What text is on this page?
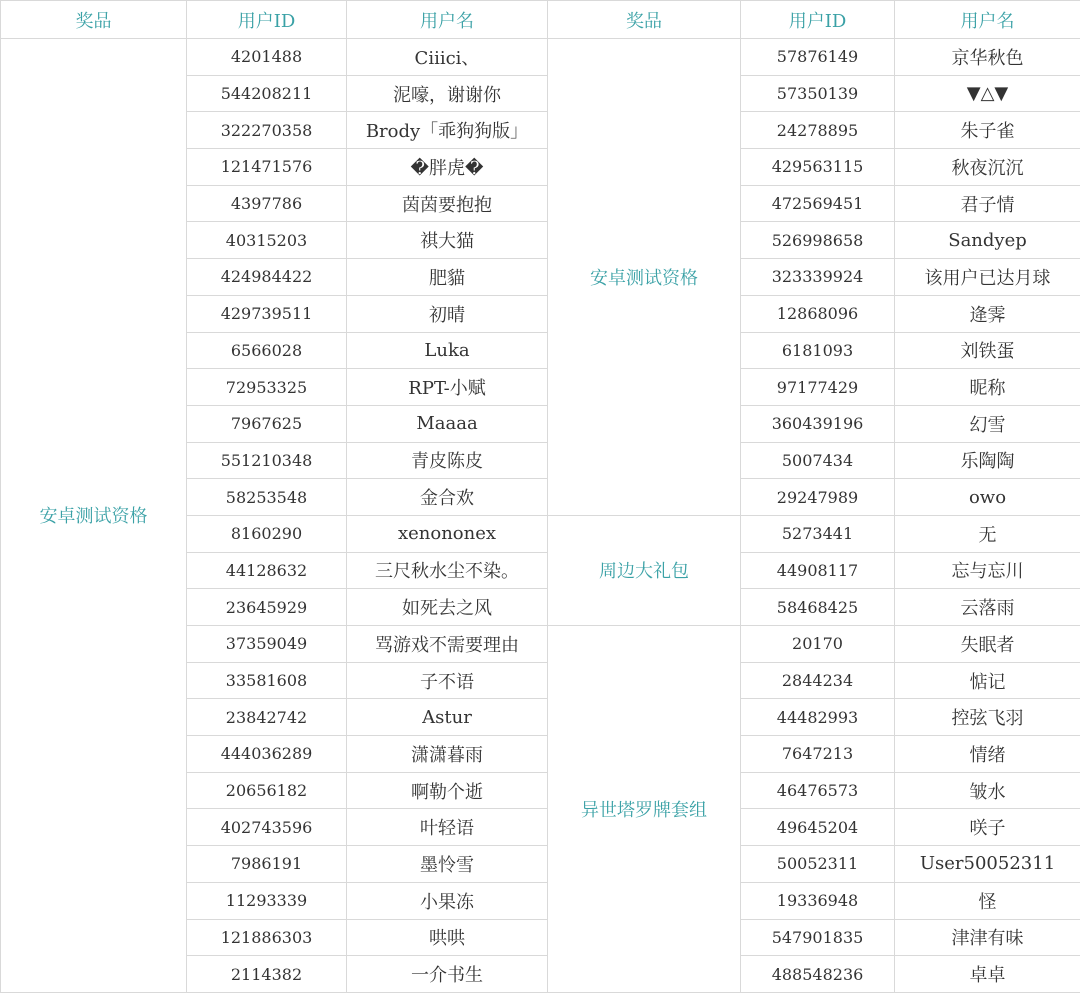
奖品	用户ID	用户名	奖品	用户ID	用户名
安卓测试资格	4201488	Ciiici、	安卓测试资格	57876149	京华秋色
	544208211	泥嚎，谢谢你		57350139	▼△▼
	322270358	Brody「乖狗狗版」		24278895	朱子雀
	121471576	�胖虎�		429563115	秋夜沉沉
	4397786	茵茵要抱抱		472569451	君子情
	40315203	祺大猫		526998658	Sandyep
	424984422	肥貓		323339924	该用户已达月球
	429739511	初晴		12868096	逄霁
	6566028	Luka		6181093	刘铁蛋
	72953325	RPT-小赋		97177429	昵称
	7967625	Maaaa		360439196	幻雪
	551210348	青皮陈皮		5007434	乐陶陶
	58253548	金合欢		29247989	owo
	8160290	xenononex	周边大礼包	5273441	无
	44128632	三尺秋水尘不染。		44908117	忘与忘川
	23645929	如死去之风		58468425	云落雨
	37359049	骂游戏不需要理由	异世塔罗牌套组	20170	失眠者
	33581608	子不语		2844234	惦记
	23842742	Astur		44482993	控弦飞羽
	444036289	潇潇暮雨		7647213	情绪
	20656182	啊勒个逝		46476573	皱水
	402743596	叶轻语		49645204	咲子
	7986191	墨怜雪		50052311	User50052311
	11293339	小果冻		19336948	怪
	121886303	哄哄		547901835	津津有味
	2114382	一介书生		488548236	卓卓
